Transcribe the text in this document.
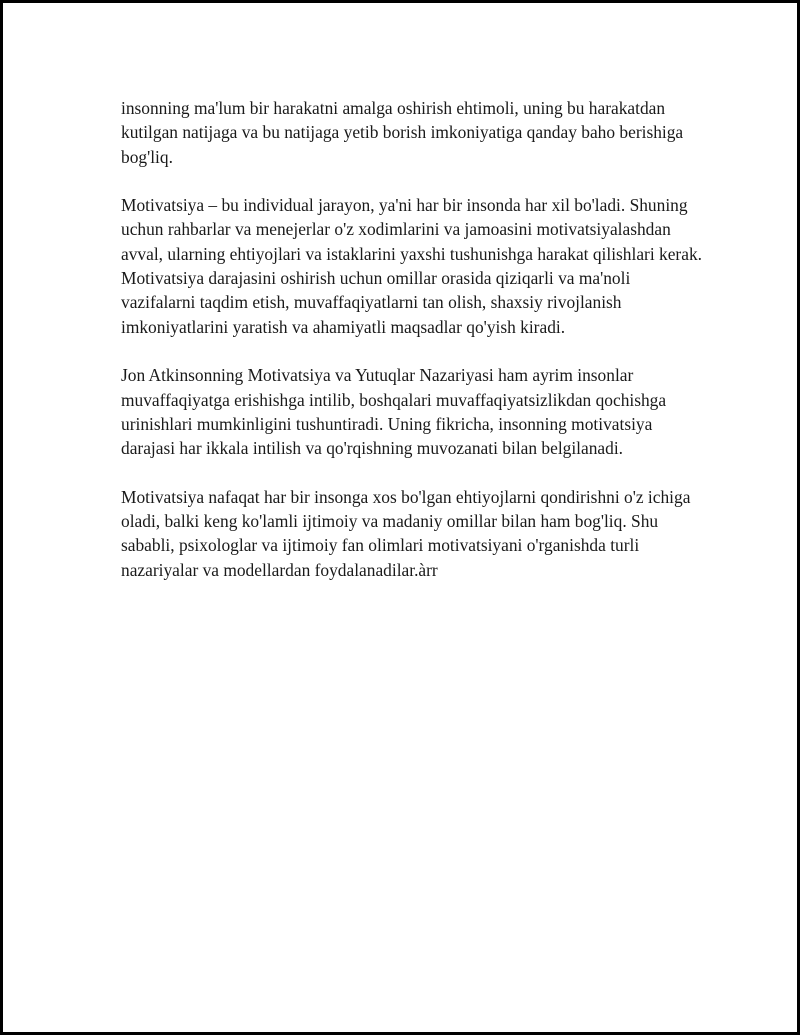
insonning ma'lum bir harakatni amalga oshirish ehtimoli, uning bu harakatdan kutilgan natijaga va bu natijaga yetib borish imkoniyatiga qanday baho berishiga bog'liq.

Motivatsiya – bu individual jarayon, ya'ni har bir insonda har xil bo'ladi. Shuning uchun rahbarlar va menejerlar o'z xodimlarini va jamoasini motivatsiyalashdan avval, ularning ehtiyojlari va istaklarini yaxshi tushunishga harakat qilishlari kerak. Motivatsiya darajasini oshirish uchun omillar orasida qiziqarli va ma'noli vazifalarni taqdim etish, muvaffaqiyatlarni tan olish, shaxsiy rivojlanish imkoniyatlarini yaratish va ahamiyatli maqsadlar qo'yish kiradi.

Jon Atkinsonning Motivatsiya va Yutuqlar Nazariyasi ham ayrim insonlar muvaffaqiyatga erishishga intilib, boshqalari muvaffaqiyatsizlikdan qochishga urinishlari mumkinligini tushuntiradi. Uning fikricha, insonning motivatsiya darajasi har ikkala intilish va qo'rqishning muvozanati bilan belgilanadi.

Motivatsiya nafaqat har bir insonga xos bo'lgan ehtiyojlarni qondirishni o'z ichiga oladi, balki keng ko'lamli ijtimoiy va madaniy omillar bilan ham bog'liq. Shu sababli, psixologlar va ijtimoiy fan olimlari motivatsiyani o'rganishda turli nazariyalar va modellardan foydalanadilar.àrr
